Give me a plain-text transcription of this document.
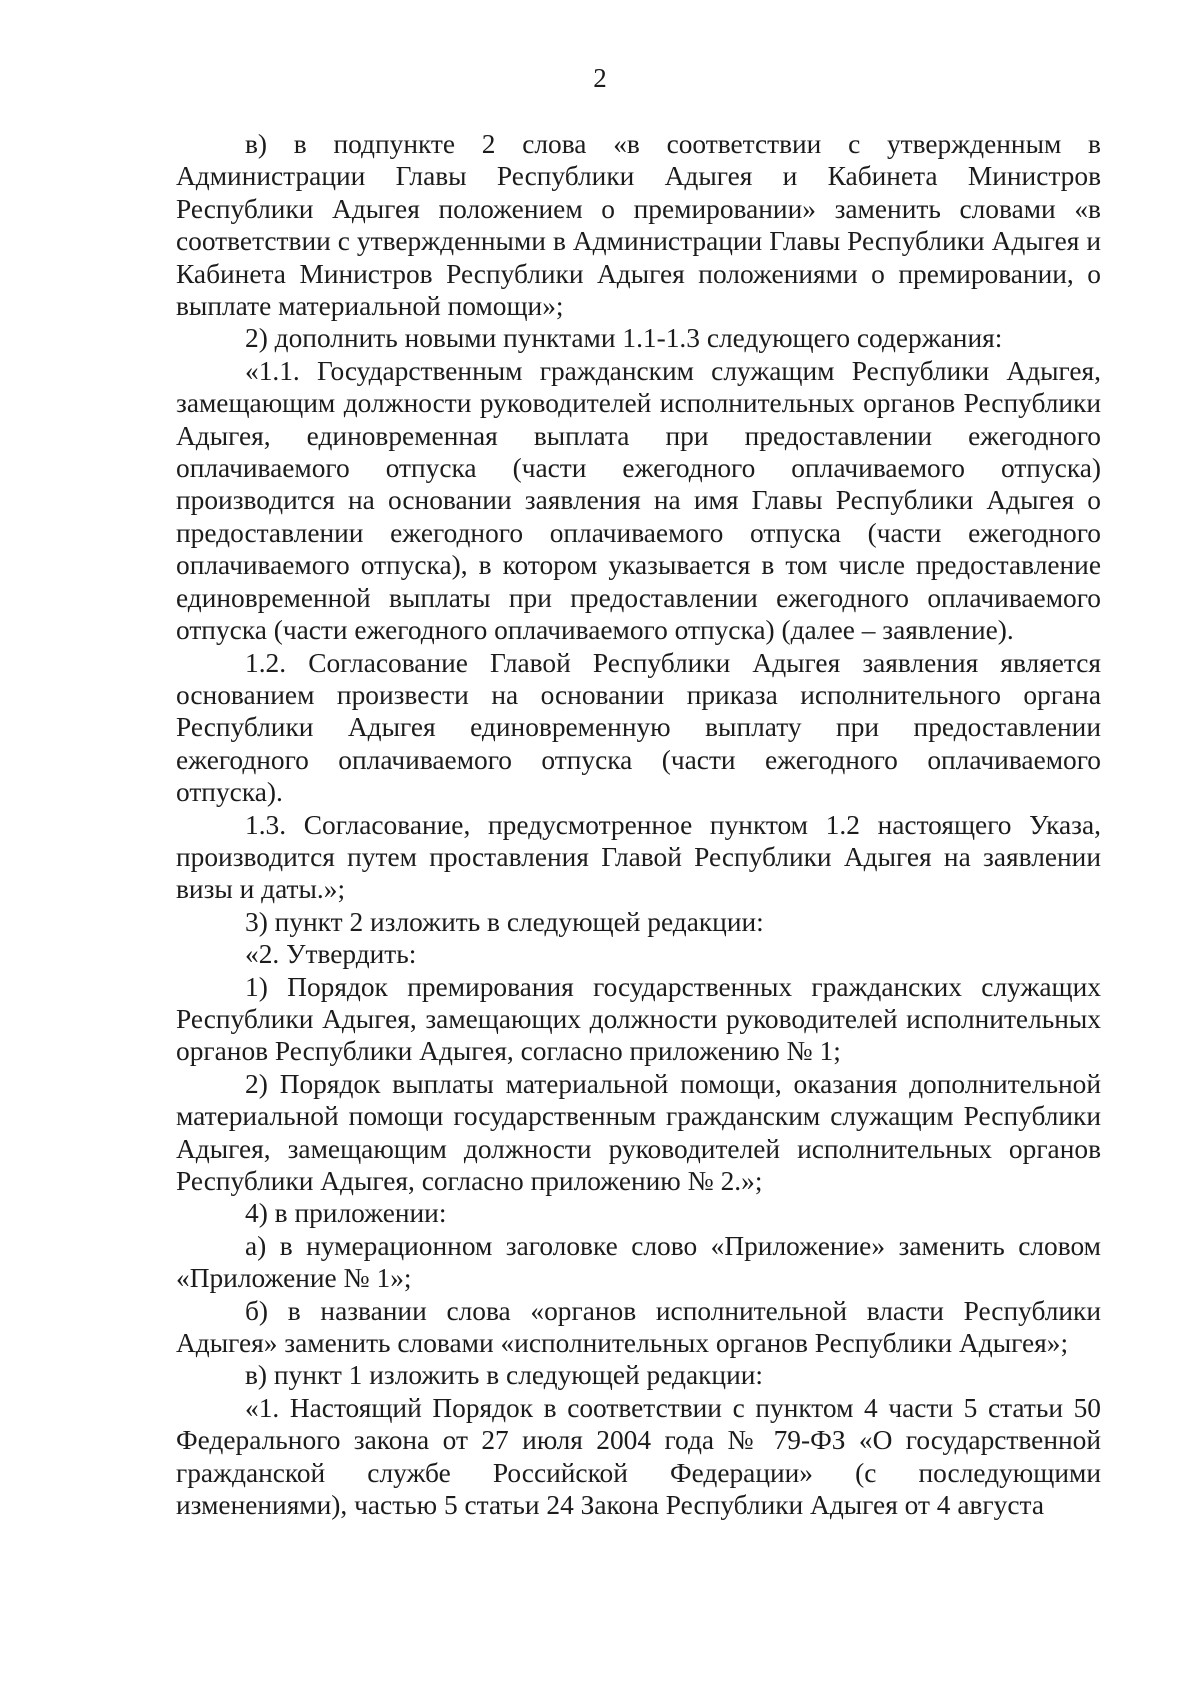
2

в) в подпункте 2 слова «в соответствии с утвержденным в Администрации Главы Республики Адыгея и Кабинета Министров Республики Адыгея положением о премировании» заменить словами «в соответствии с утвержденными в Администрации Главы Республики Адыгея и Кабинета Министров Республики Адыгея положениями о премировании, о выплате материальной помощи»;

2) дополнить новыми пунктами 1.1-1.3 следующего содержания:

«1.1. Государственным гражданским служащим Республики Адыгея, замещающим должности руководителей исполнительных органов Республики Адыгея, единовременная выплата при предоставлении ежегодного оплачиваемого отпуска (части ежегодного оплачиваемого отпуска) производится на основании заявления на имя Главы Республики Адыгея о предоставлении ежегодного оплачиваемого отпуска (части ежегодного оплачиваемого отпуска), в котором указывается в том числе предоставление единовременной выплаты при предоставлении ежегодного оплачиваемого отпуска (части ежегодного оплачиваемого отпуска) (далее – заявление).

1.2. Согласование Главой Республики Адыгея заявления является основанием произвести на основании приказа исполнительного органа Республики Адыгея единовременную выплату при предоставлении ежегодного оплачиваемого отпуска (части ежегодного оплачиваемого отпуска).

1.3. Согласование, предусмотренное пунктом 1.2 настоящего Указа, производится путем проставления Главой Республики Адыгея на заявлении визы и даты.»;

3) пункт 2 изложить в следующей редакции:

«2. Утвердить:

1) Порядок премирования государственных гражданских служащих Республики Адыгея, замещающих должности руководителей исполнительных органов Республики Адыгея, согласно приложению № 1;

2) Порядок выплаты материальной помощи, оказания дополнительной материальной помощи государственным гражданским служащим Республики Адыгея, замещающим должности руководителей исполнительных органов Республики Адыгея, согласно приложению № 2.»;

4) в приложении:

а) в нумерационном заголовке слово «Приложение» заменить словом «Приложение № 1»;

б) в названии слова «органов исполнительной власти Республики Адыгея» заменить словами «исполнительных органов Республики Адыгея»;

в) пункт 1 изложить в следующей редакции:

«1. Настоящий Порядок в соответствии с пунктом 4 части 5 статьи 50 Федерального закона от 27 июля 2004 года № 79-ФЗ «О государственной гражданской службе Российской Федерации» (с последующими изменениями), частью 5 статьи 24 Закона Республики Адыгея от 4 августа
